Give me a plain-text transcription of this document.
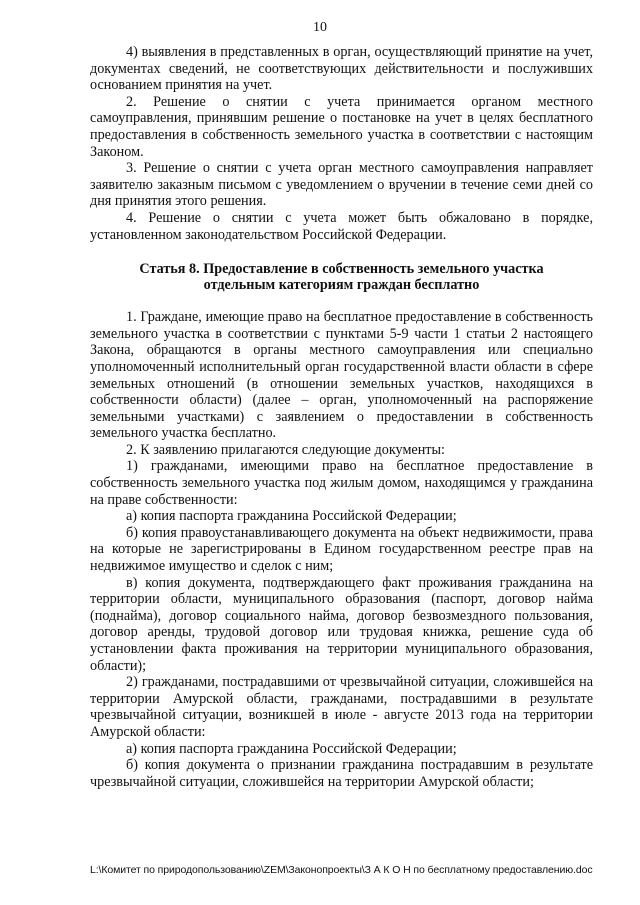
10

4) выявления в представленных в орган, осуществляющий принятие на учет, документах сведений, не соответствующих действительности и послуживших основанием принятия на учет.

2. Решение о снятии с учета принимается органом местного самоуправления, принявшим решение о постановке на учет в целях бесплатного предоставления в собственность земельного участка в соответствии с настоящим Законом.

3. Решение о снятии с учета орган местного самоуправления направляет заявителю заказным письмом с уведомлением о вручении в течение семи дней со дня принятия этого решения.

4. Решение о снятии с учета может быть обжаловано в порядке, установленном законодательством Российской Федерации.

Статья 8. Предоставление в собственность земельного участка
отдельным категориям граждан бесплатно

1. Граждане, имеющие право на бесплатное предоставление в собственность земельного участка в соответствии с пунктами 5-9 части 1 статьи 2 настоящего Закона, обращаются в органы местного самоуправления или специально уполномоченный исполнительный орган государственной власти области в сфере земельных отношений (в отношении земельных участков, находящихся в собственности области) (далее – орган, уполномоченный на распоряжение земельными участками) с заявлением о предоставлении в собственность земельного участка бесплатно.

2. К заявлению прилагаются следующие документы:

1) гражданами, имеющими право на бесплатное предоставление в собственность земельного участка под жилым домом, находящимся у гражданина на праве собственности:

а) копия паспорта гражданина Российской Федерации;

б) копия правоустанавливающего документа на объект недвижимости, права на которые не зарегистрированы в Едином государственном реестре прав на недвижимое имущество и сделок с ним;

в) копия документа, подтверждающего факт проживания гражданина на территории области, муниципального образования (паспорт, договор найма (поднайма), договор социального найма, договор безвозмездного пользования, договор аренды, трудовой договор или трудовая книжка, решение суда об установлении факта проживания на территории муниципального образования, области);

2) гражданами, пострадавшими от чрезвычайной ситуации, сложившейся на территории Амурской области, гражданами, пострадавшими в результате чрезвычайной ситуации, возникшей в июле - августе 2013 года на территории Амурской области:

а) копия паспорта гражданина Российской Федерации;

б) копия документа о признании гражданина пострадавшим в результате чрезвычайной ситуации, сложившейся на территории Амурской области;

L:\Комитет по природопользованию\ZEM\Законопроекты\З А К О Н по бесплатному предоставлению.doc
